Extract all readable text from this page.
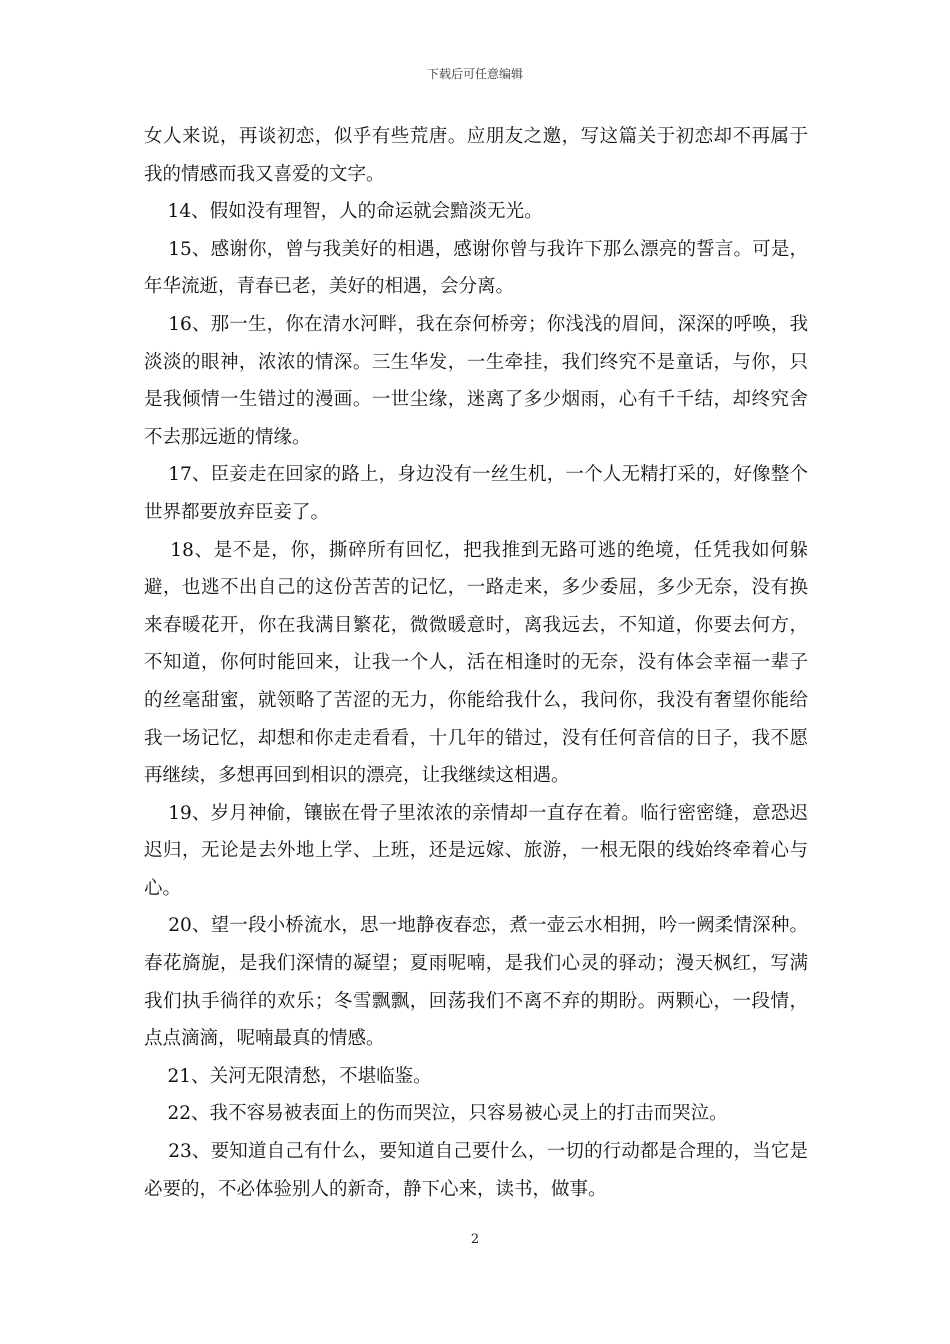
下载后可任意编辑

女人来说，再谈初恋，似乎有些荒唐。应朋友之邀，写这篇关于初恋却不再属于我的情感而我又喜爱的文字。

14、假如没有理智，人的命运就会黯淡无光。

15、感谢你，曾与我美好的相遇，感谢你曾与我许下那么漂亮的誓言。可是，年华流逝，青春已老，美好的相遇，会分离。

16、那一生，你在清水河畔，我在奈何桥旁；你浅浅的眉间，深深的呼唤，我淡淡的眼神，浓浓的情深。三生华发，一生牵挂，我们终究不是童话，与你，只是我倾情一生错过的漫画。一世尘缘，迷离了多少烟雨，心有千千结，却终究舍不去那远逝的情缘。

17、臣妾走在回家的路上，身边没有一丝生机，一个人无精打采的，好像整个世界都要放弃臣妾了。

18、是不是，你，撕碎所有回忆，把我推到无路可逃的绝境，任凭我如何躲避，也逃不出自己的这份苦苦的记忆，一路走来，多少委屈，多少无奈，没有换来春暖花开，你在我满目繁花，微微暖意时，离我远去，不知道，你要去何方，不知道，你何时能回来，让我一个人，活在相逢时的无奈，没有体会幸福一辈子的丝毫甜蜜，就领略了苦涩的无力，你能给我什么，我问你，我没有奢望你能给我一场记忆，却想和你走走看看，十几年的错过，没有任何音信的日子，我不愿再继续，多想再回到相识的漂亮，让我继续这相遇。

19、岁月神偷，镶嵌在骨子里浓浓的亲情却一直存在着。临行密密缝，意恐迟迟归，无论是去外地上学、上班，还是远嫁、旅游，一根无限的线始终牵着心与心。

20、望一段小桥流水，思一地静夜春恋，煮一壶云水相拥，吟一阙柔情深种。春花旖旎，是我们深情的凝望；夏雨呢喃，是我们心灵的驿动；漫天枫红，写满我们执手徜徉的欢乐；冬雪飘飘，回荡我们不离不弃的期盼。两颗心，一段情，点点滴滴，呢喃最真的情感。

21、关河无限清愁，不堪临鉴。

22、我不容易被表面上的伤而哭泣，只容易被心灵上的打击而哭泣。

23、要知道自己有什么，要知道自己要什么，一切的行动都是合理的，当它是必要的，不必体验别人的新奇，静下心来，读书，做事。

2
